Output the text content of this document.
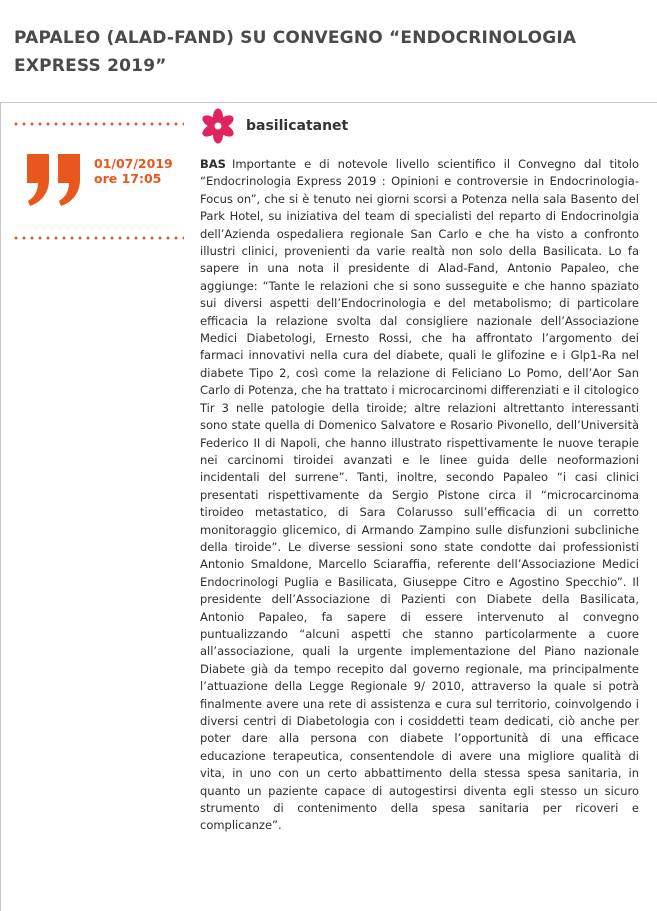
PAPALEO (ALAD-FAND) SU CONVEGNO “ENDOCRINOLOGIA EXPRESS 2019”
01/07/2019
ore 17:05
basilicatanet

BAS Importante e di notevole livello scientifico il Convegno dal titolo “Endocrinologia Express 2019 : Opinioni e controversie in Endocrinologia-Focus on”, che si è tenuto nei giorni scorsi a Potenza nella sala Basento del Park Hotel, su iniziativa del team di specialisti del reparto di Endocrinolgia dell’Azienda ospedaliera regionale San Carlo e che ha visto a confronto illustri clinici, provenienti da varie realtà non solo della Basilicata. Lo fa sapere in una nota il presidente di Alad-Fand, Antonio Papaleo, che aggiunge: “Tante le relazioni che si sono susseguite e che hanno spaziato sui diversi aspetti dell’Endocrinologia e del metabolismo; di particolare efficacia la relazione svolta dal consigliere nazionale dell’Associazione Medici Diabetologi, Ernesto Rossi, che ha affrontato l’argomento dei farmaci innovativi nella cura del diabete, quali le glifozine e i Glp1-Ra nel diabete Tipo 2, così come la relazione di Feliciano Lo Pomo, dell’Aor San Carlo di Potenza, che ha trattato i microcarcinomi differenziati e il citologico Tir 3 nelle patologie della tiroide; altre relazioni altrettanto interessanti sono state quella di Domenico Salvatore e Rosario Pivonello, dell’Università Federico II di Napoli, che hanno illustrato rispettivamente le nuove terapie nei carcinomi tiroidei avanzati e le linee guida delle neoformazioni incidentali del surrene”. Tanti, inoltre, secondo Papaleo “i casi clinici presentati rispettivamente da Sergio Pistone circa il “microcarcinoma tiroideo metastatico, di Sara Colarusso sull’efficacia di un corretto monitoraggio glicemico, di Armando Zampino sulle disfunzioni subcliniche della tiroide”. Le diverse sessioni sono state condotte dai professionisti Antonio Smaldone, Marcello Sciaraffia, referente dell’Associazione Medici Endocrinologi Puglia e Basilicata, Giuseppe Citro e Agostino Specchio”. Il presidente dell’Associazione di Pazienti con Diabete della Basilicata, Antonio Papaleo, fa sapere di essere intervenuto al convegno puntualizzando “alcuni aspetti che stanno particolarmente a cuore all’associazione, quali la urgente implementazione del Piano nazionale Diabete già da tempo recepito dal governo regionale, ma principalmente l’attuazione della Legge Regionale 9/ 2010, attraverso la quale si potrà finalmente avere una rete di assistenza e cura sul territorio, coinvolgendo i diversi centri di Diabetologia con i cosiddetti team dedicati, ciò anche per poter dare alla persona con diabete l’opportunità di una efficace educazione terapeutica, consentendole di avere una migliore qualità di vita, in uno con un certo abbattimento della stessa spesa sanitaria, in quanto un paziente capace di autogestirsi diventa egli stesso un sicuro strumento di contenimento della spesa sanitaria per ricoveri e complicanze”.
